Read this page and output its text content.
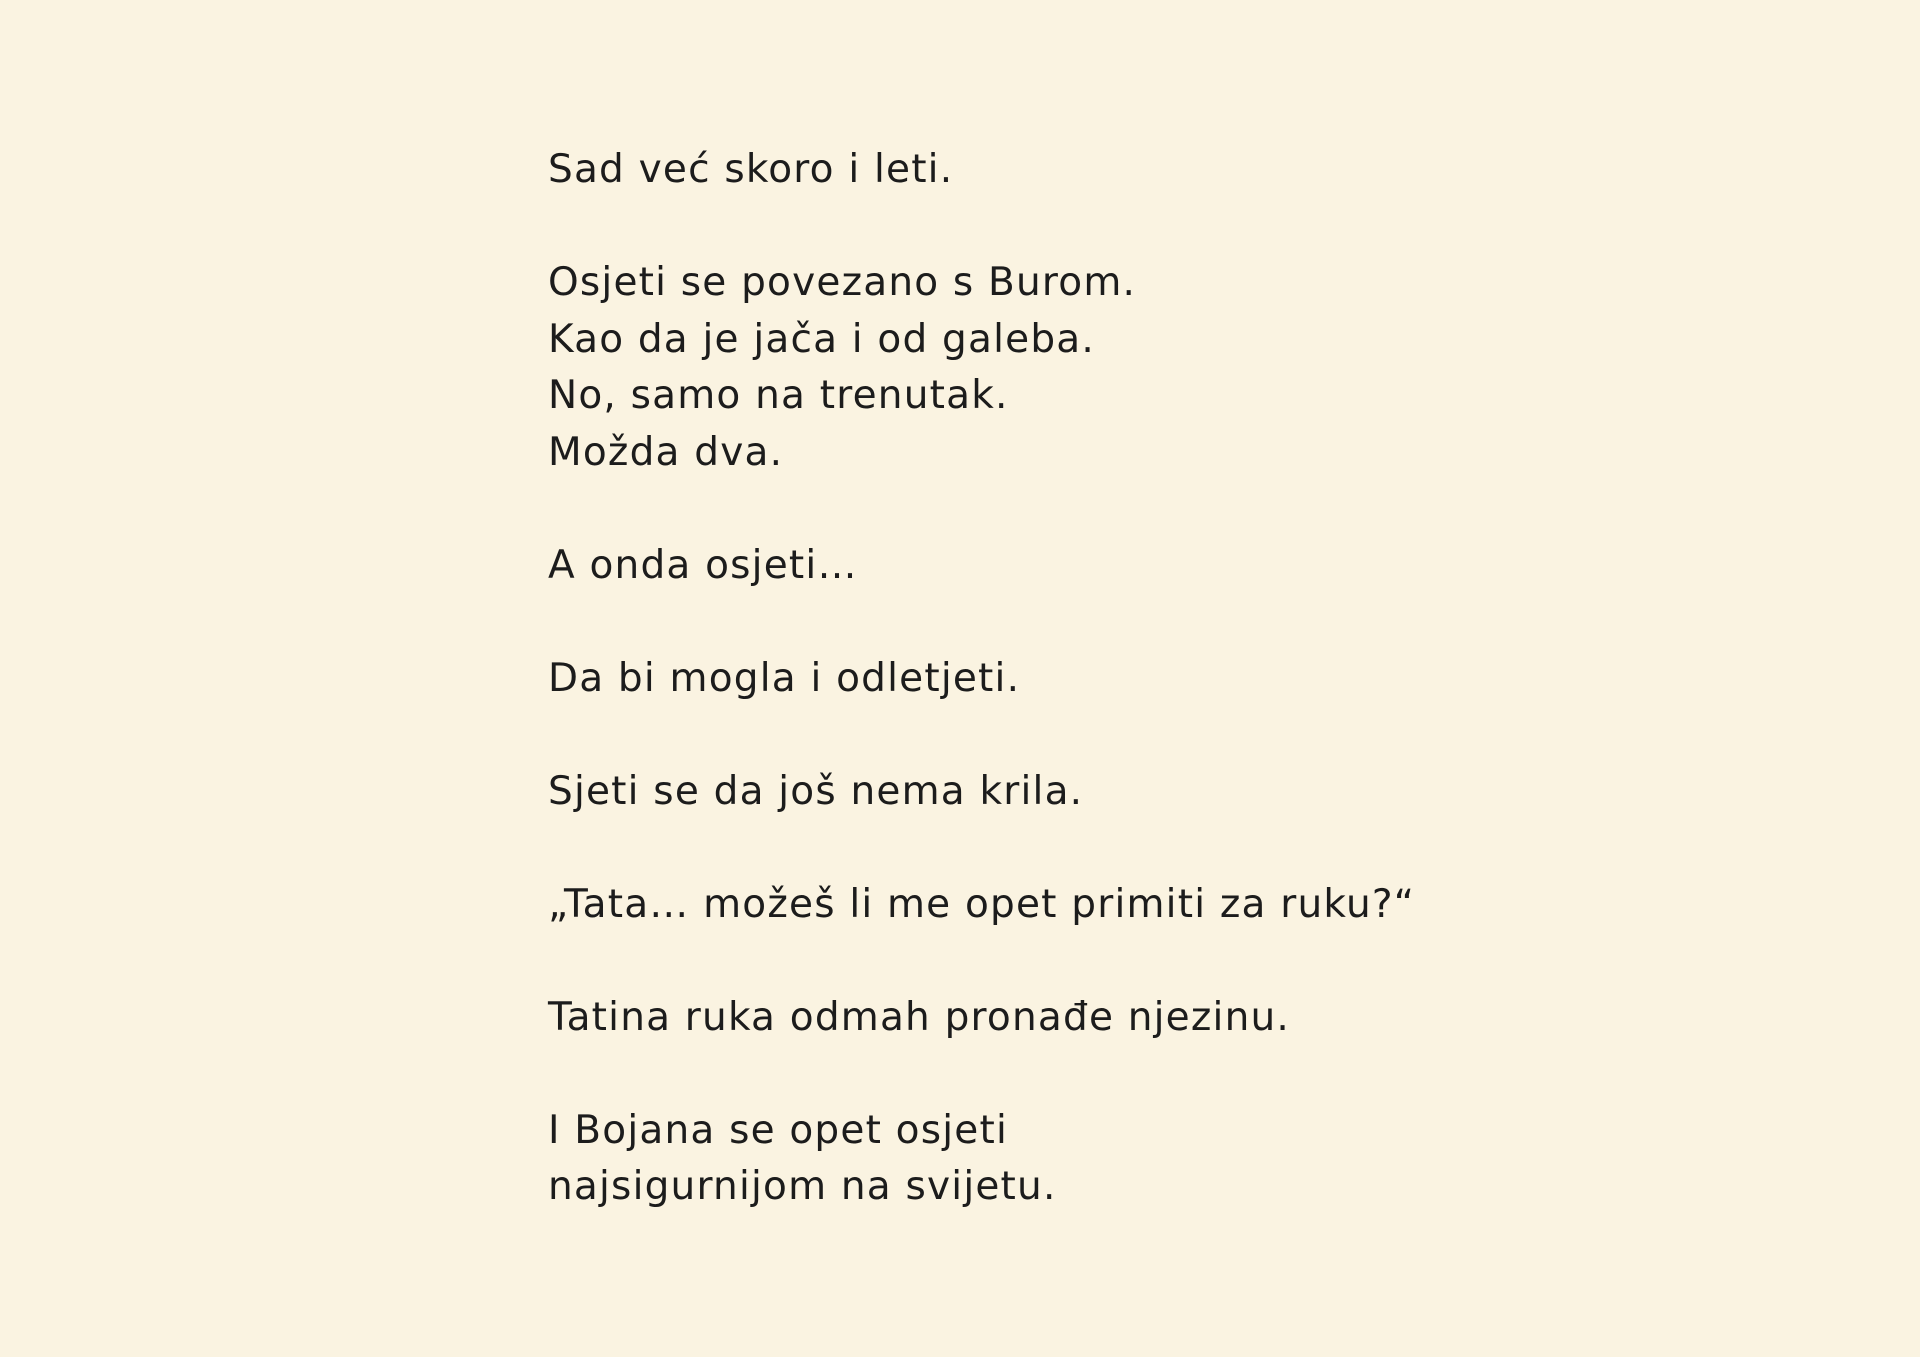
Sad već skoro i leti.
Osjeti se povezano s Burom.
Kao da je jača i od galeba.
No, samo na trenutak.
Možda dva.
A onda osjeti…
Da bi mogla i odletjeti.
Sjeti se da još nema krila.
„Tata… možeš li me opet primiti za ruku?“
Tatina ruka odmah pronađe njezinu.
I Bojana se opet osjeti
najsigurnijom na svijetu.
